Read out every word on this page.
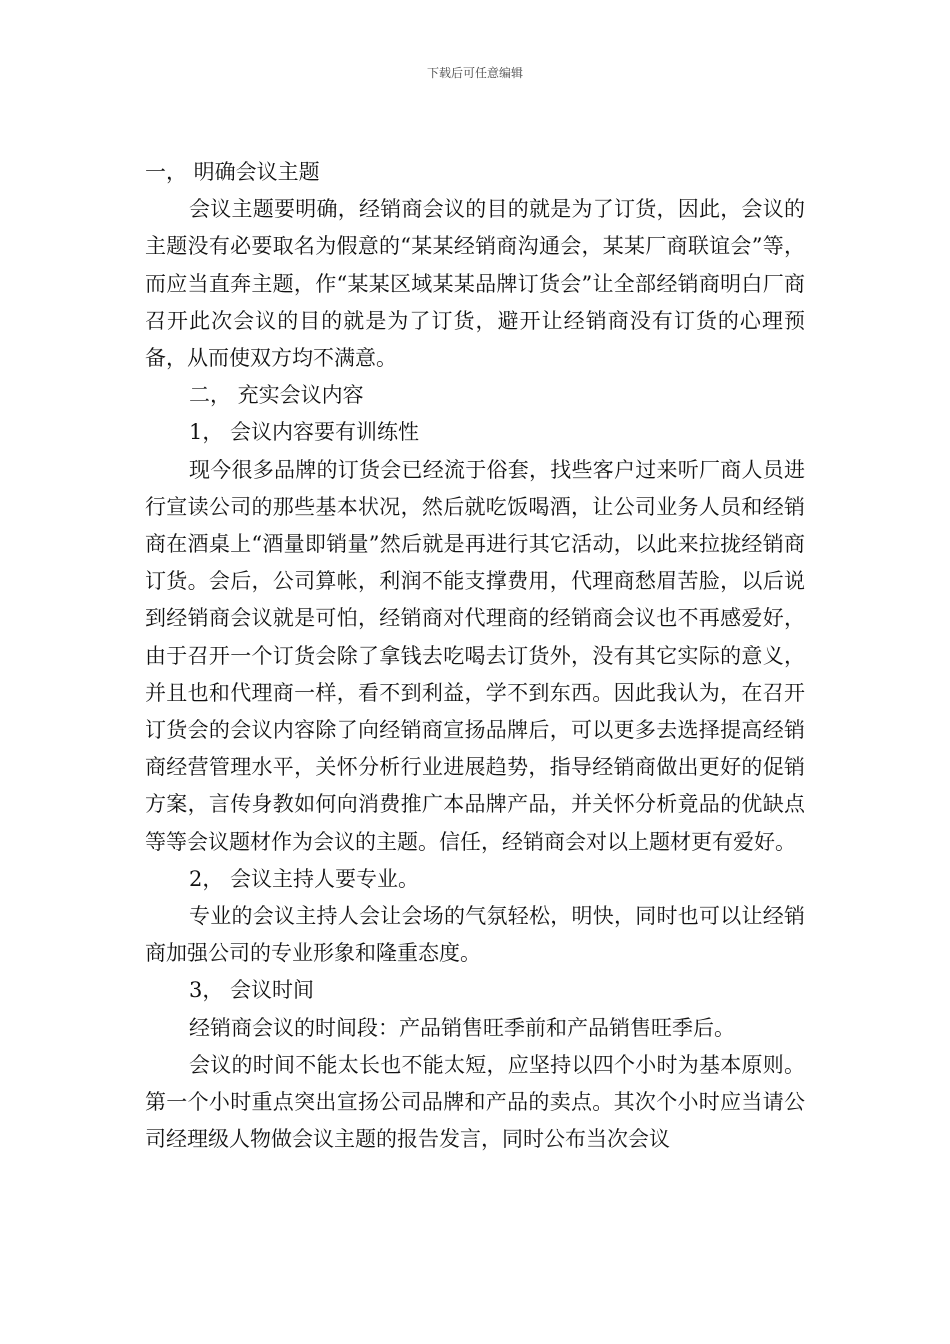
下载后可任意编辑

一， 明确会议主题

会议主题要明确，经销商会议的目的就是为了订货，因此，会议的主题没有必要取名为假意的“某某经销商沟通会，某某厂商联谊会”等，而应当直奔主题，作“某某区域某某品牌订货会”让全部经销商明白厂商召开此次会议的目的就是为了订货，避开让经销商没有订货的心理预备，从而使双方均不满意。

二， 充实会议内容

1， 会议内容要有训练性

现今很多品牌的订货会已经流于俗套，找些客户过来听厂商人员进行宣读公司的那些基本状况，然后就吃饭喝酒，让公司业务人员和经销商在酒桌上“酒量即销量”然后就是再进行其它活动，以此来拉拢经销商订货。会后，公司算帐，利润不能支撑费用，代理商愁眉苦脸，以后说到经销商会议就是可怕，经销商对代理商的经销商会议也不再感爱好，由于召开一个订货会除了拿钱去吃喝去订货外，没有其它实际的意义，并且也和代理商一样，看不到利益，学不到东西。因此我认为，在召开订货会的会议内容除了向经销商宣扬品牌后，可以更多去选择提高经销商经营管理水平，关怀分析行业进展趋势，指导经销商做出更好的促销方案，言传身教如何向消费推广本品牌产品，并关怀分析竟品的优缺点等等会议题材作为会议的主题。信任，经销商会对以上题材更有爱好。

2， 会议主持人要专业。

专业的会议主持人会让会场的气氛轻松，明快，同时也可以让经销商加强公司的专业形象和隆重态度。

3， 会议时间

经销商会议的时间段：产品销售旺季前和产品销售旺季后。

会议的时间不能太长也不能太短，应坚持以四个小时为基本原则。 第一个小时重点突出宣扬公司品牌和产品的卖点。其次个小时应当请公司经理级人物做会议主题的报告发言，同时公布当次会议
